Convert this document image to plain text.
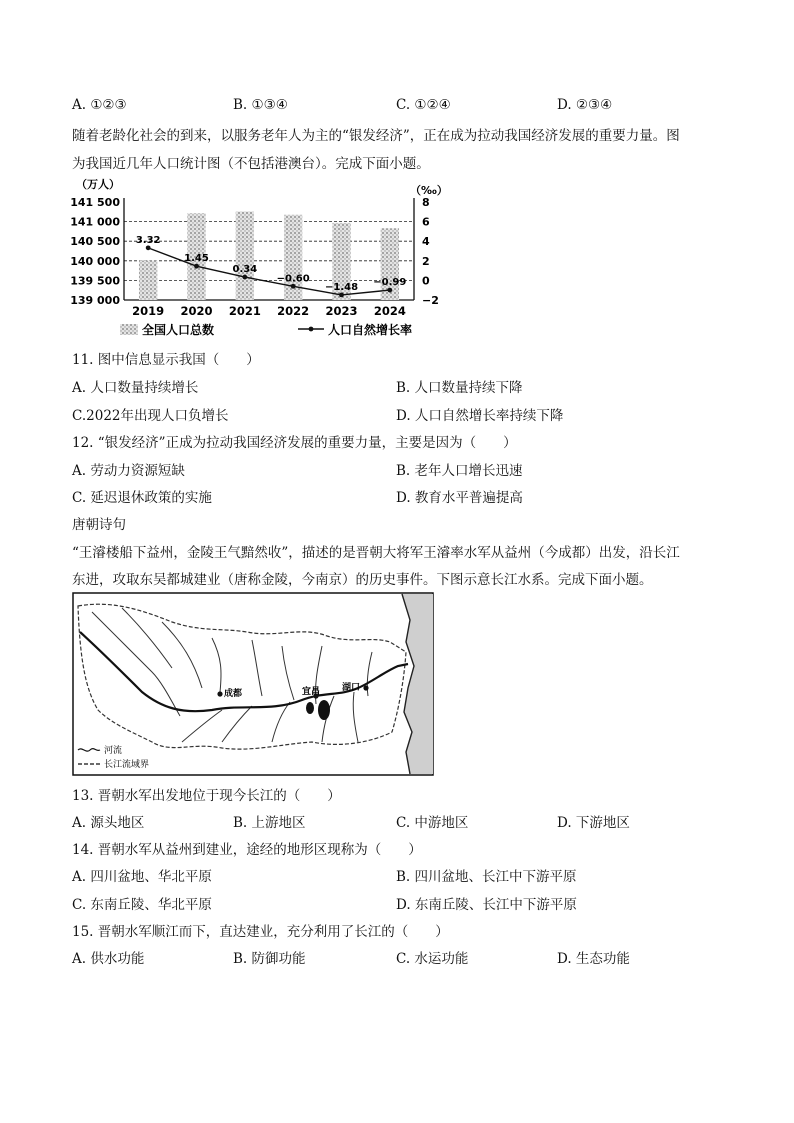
A. ①②③	B. ①③④	C. ①②④	D. ②③④
随着老龄化社会的到来，以服务老年人为主的“银发经济”，正在成为拉动我国经济发展的重要力量。图
为我国近几年人口统计图（不包括港澳台）。完成下面小题。
（万人）	（‰）
141 500
141 000
140 500
140 000
139 500
139 000
8
6
4
2
0
−2
2019 2020 2021 2022 2023 2024
3.32
1.45
0.34
−0.60
−1.48 −0.99
全国人口总数	人口自然增长率
11. 图中信息显示我国（　　）
A. 人口数量持续增长	B. 人口数量持续下降
C.2022年出现人口负增长	D. 人口自然增长率持续下降
12. “银发经济”正成为拉动我国经济发展的重要力量，主要是因为（　　）
A. 劳动力资源短缺	B. 老年人口增长迅速
C. 延迟退休政策的实施	D. 教育水平普遍提高
唐朝诗句
“王濬楼船下益州，金陵王气黯然收”，描述的是晋朝大将军王濬率水军从益州（今成都）出发，沿长江
东进，攻取东吴都城建业（唐称金陵，今南京）的历史事件。下图示意长江水系。完成下面小题。
成都	宜昌 湖口
河流
长江流域界
13. 晋朝水军出发地位于现今长江的（　　）
A. 源头地区	B. 上游地区	C. 中游地区	D. 下游地区
14. 晋朝水军从益州到建业，途经的地形区现称为（　　）
A. 四川盆地、华北平原	B. 四川盆地、长江中下游平原
C. 东南丘陵、华北平原	D. 东南丘陵、长江中下游平原
15. 晋朝水军顺江而下，直达建业，充分利用了长江的（　　）
A. 供水功能	B. 防御功能	C. 水运功能	D. 生态功能
